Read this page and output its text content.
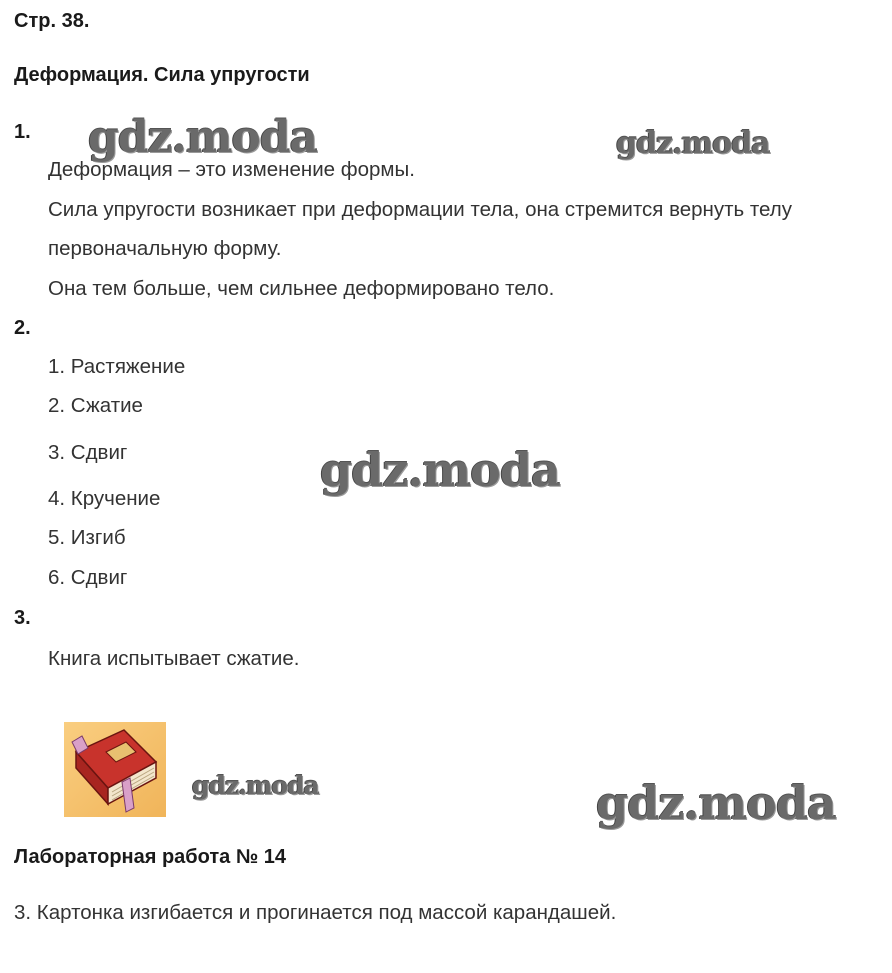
Стр. 38.
Деформация. Сила упругости
1.
Деформация – это изменение формы.
Сила упругости возникает при деформации тела, она стремится вернуть телу
первоначальную форму.
Она тем больше, чем сильнее деформировано тело.
2.
1. Растяжение
2. Сжатие
3. Сдвиг
4. Кручение
5. Изгиб
6. Сдвиг
3.
Книга испытывает сжатие.
gdz.moda	gdz.moda
gdz.moda
gdz.moda	gdz.moda
Лабораторная работа № 14
3. Картонка изгибается и прогинается под массой карандашей.
